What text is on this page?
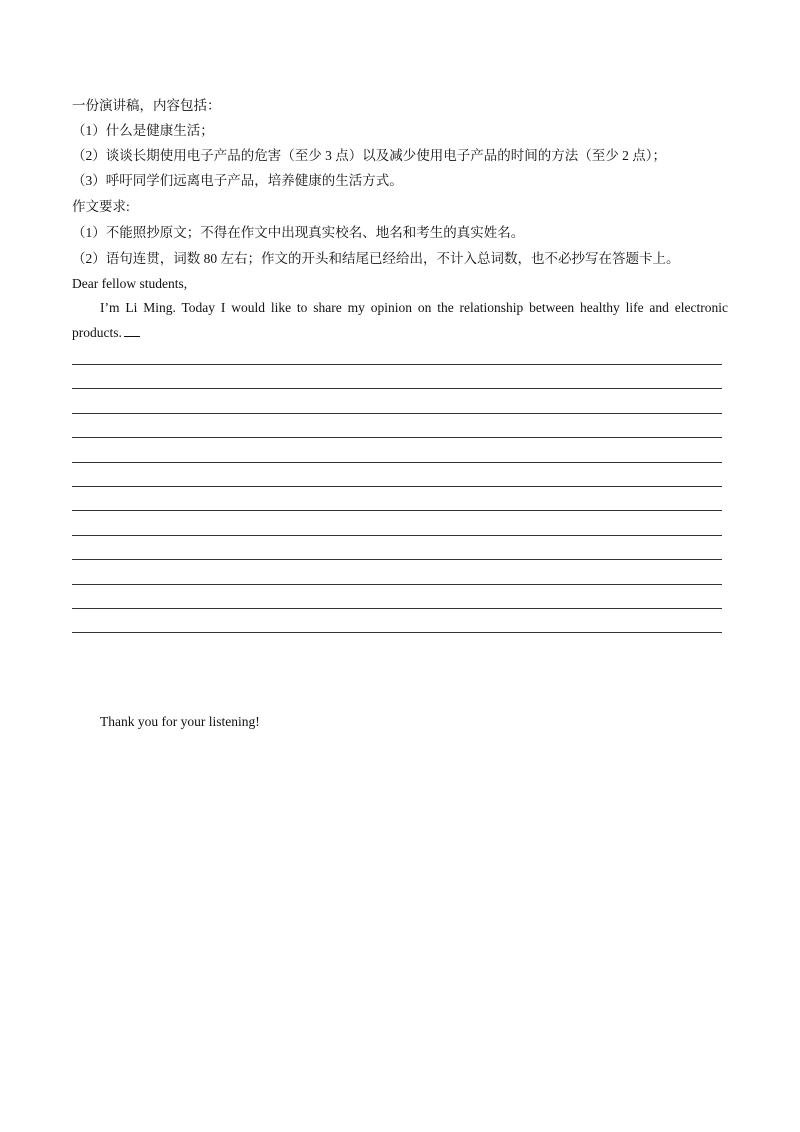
一份演讲稿，内容包括：
（1）什么是健康生活；
（2）谈谈长期使用电子产品的危害（至少 3 点）以及减少使用电子产品的时间的方法（至少 2 点）；
（3）呼吁同学们远离电子产品，培养健康的生活方式。
作文要求:
（1）不能照抄原文；不得在作文中出现真实校名、地名和考生的真实姓名。
（2）语句连贯，词数 80 左右；作文的开头和结尾已经给出，不计入总词数，也不必抄写在答题卡上。
Dear fellow students,
I’m Li Ming. Today I would like to share my opinion on the relationship between healthy life and electronic products.
Thank you for your listening!
